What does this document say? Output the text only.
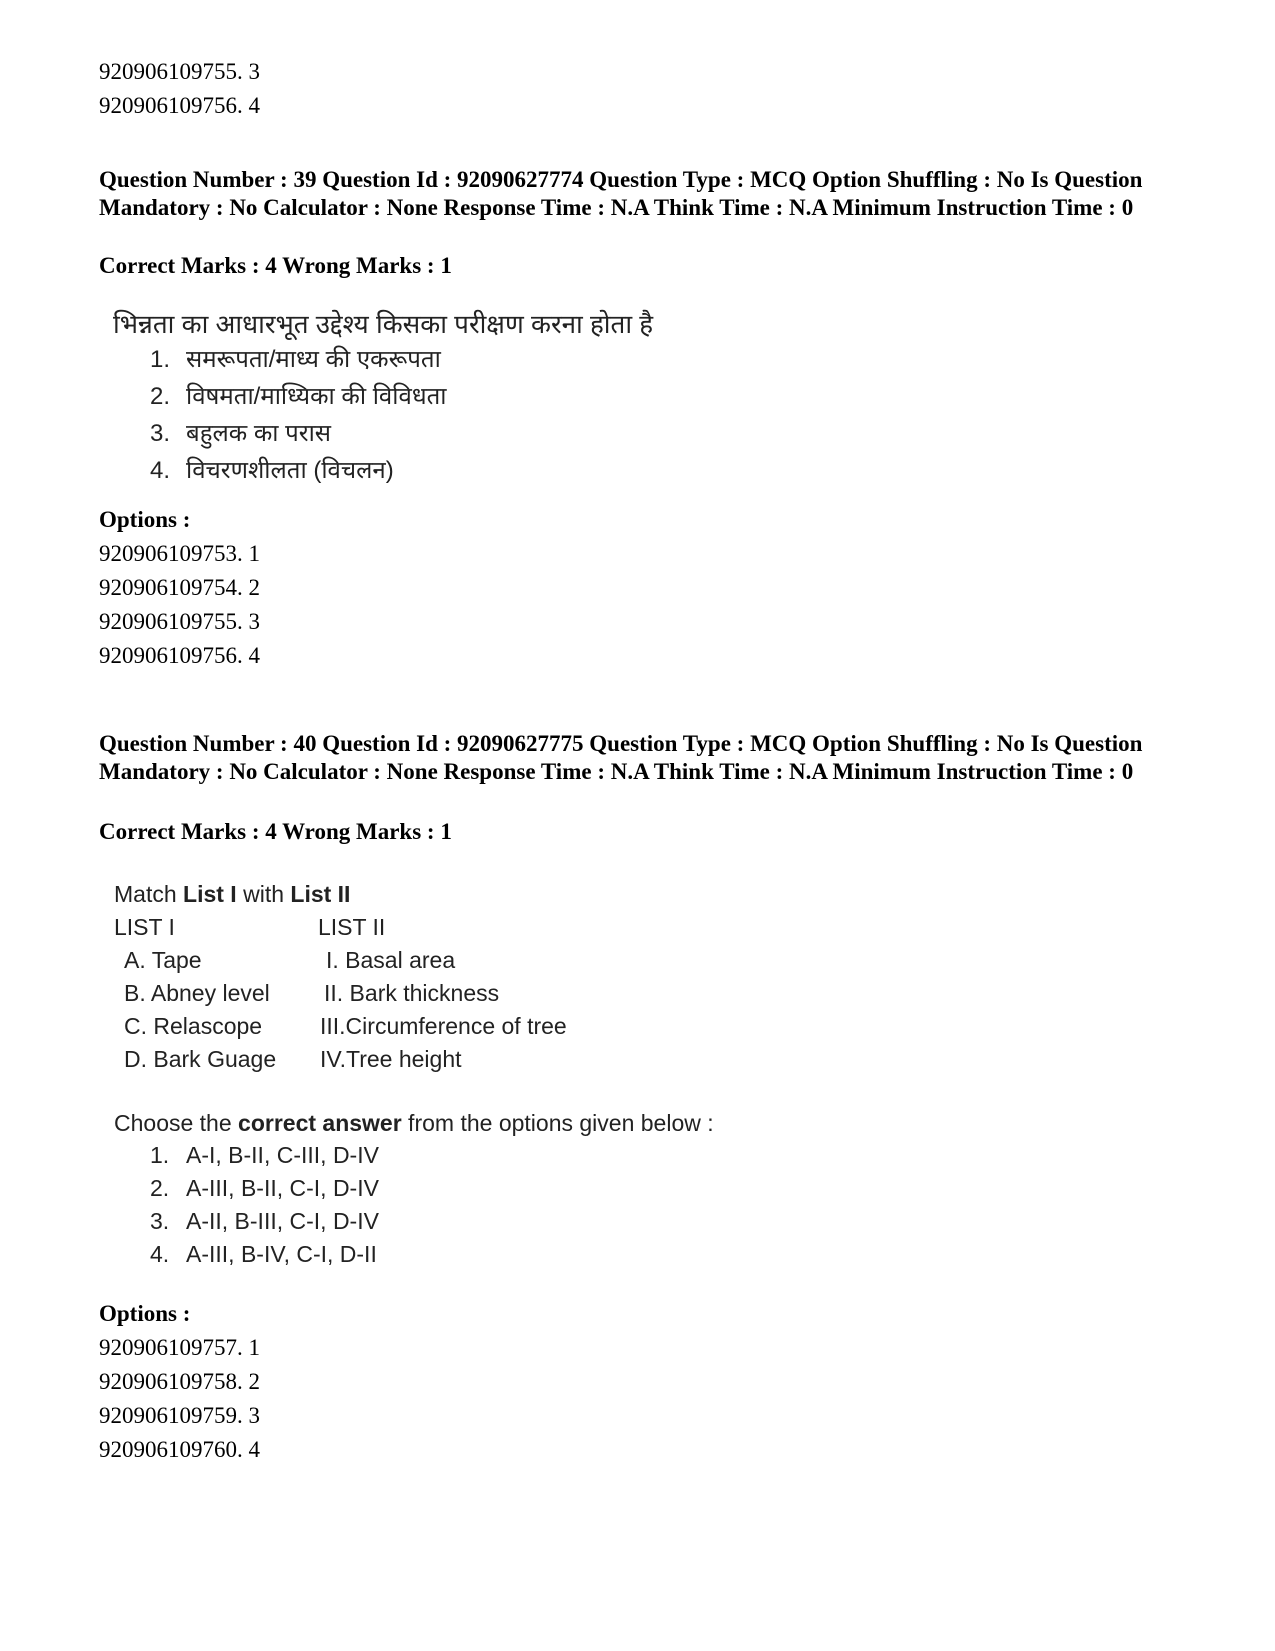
920906109755. 3
920906109756. 4
Question Number : 39 Question Id : 92090627774 Question Type : MCQ Option Shuffling : No Is Question Mandatory : No Calculator : None Response Time : N.A Think Time : N.A Minimum Instruction Time : 0
Correct Marks : 4 Wrong Marks : 1
भिन्नता का आधारभूत उद्देश्य किसका परीक्षण करना होता है
1. समरूपता/माध्य की एकरूपता
2. विषमता/माध्यिका की विविधता
3. बहुलक का परास
4. विचरणशीलता (विचलन)
Options :
920906109753. 1
920906109754. 2
920906109755. 3
920906109756. 4
Question Number : 40 Question Id : 92090627775 Question Type : MCQ Option Shuffling : No Is Question Mandatory : No Calculator : None Response Time : N.A Think Time : N.A Minimum Instruction Time : 0
Correct Marks : 4 Wrong Marks : 1
Match List I with List II
LIST I	LIST II
A. Tape	I. Basal area
B. Abney level II. Bark thickness
C. Relascope	III.Circumference of tree
D. Bark Guage IV.Tree height
Choose the correct answer from the options given below :
1. A-I, B-II, C-III, D-IV
2. A-III, B-II, C-I, D-IV
3. A-II, B-III, C-I, D-IV
4. A-III, B-IV, C-I, D-II
Options :
920906109757. 1
920906109758. 2
920906109759. 3
920906109760. 4
